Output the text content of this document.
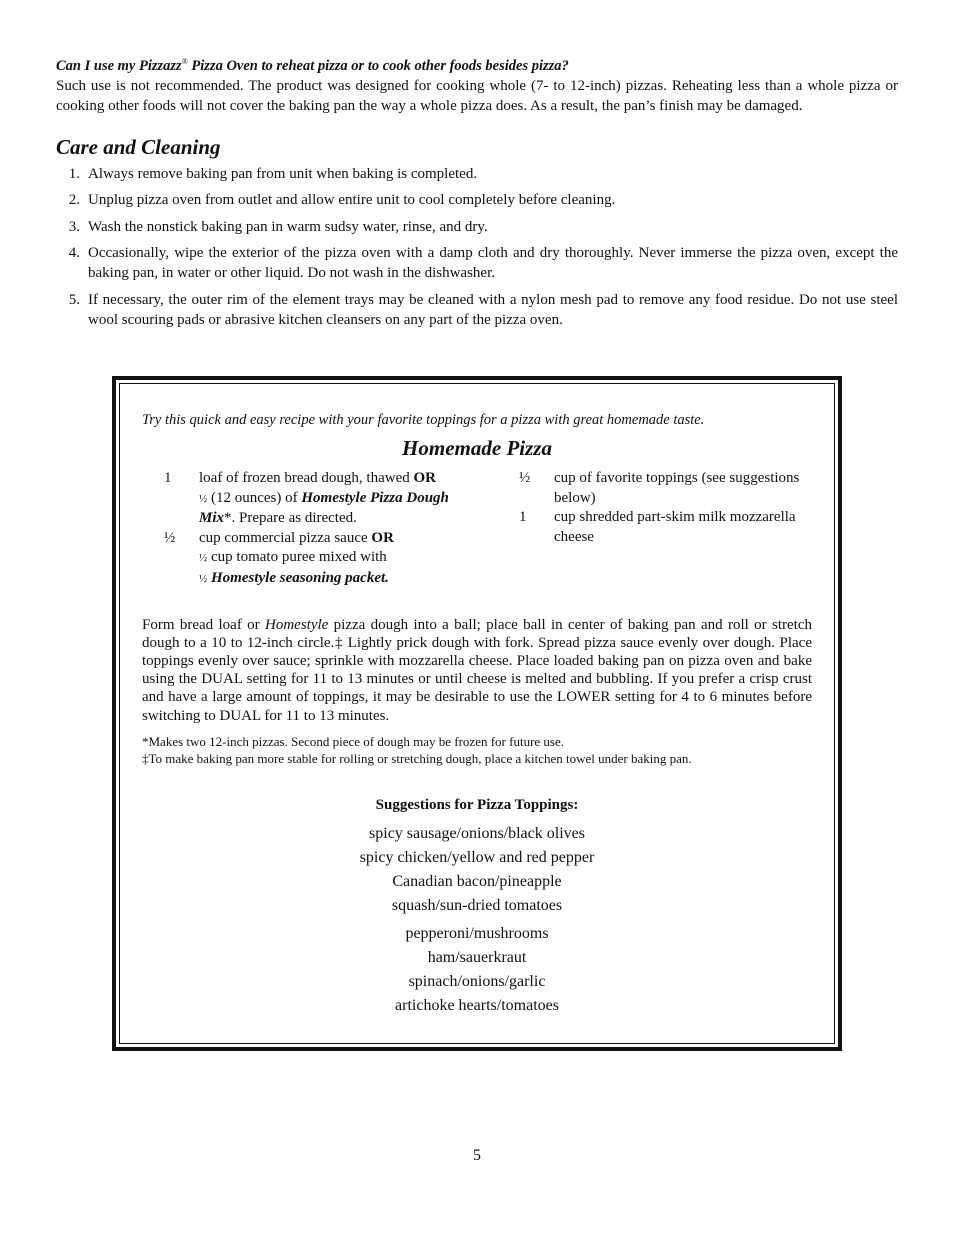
Can I use my Pizzazz® Pizza Oven to reheat pizza or to cook other foods besides pizza?

Such use is not recommended. The product was designed for cooking whole (7- to 12-inch) pizzas. Reheating less than a whole pizza or cooking other foods will not cover the baking pan the way a whole pizza does. As a result, the pan’s finish may be damaged.

Care and Cleaning
1. Always remove baking pan from unit when baking is completed.
2. Unplug pizza oven from outlet and allow entire unit to cool completely before cleaning.
3. Wash the nonstick baking pan in warm sudsy water, rinse, and dry.
4. Occasionally, wipe the exterior of the pizza oven with a damp cloth and dry thoroughly. Never immerse the pizza oven, except the baking pan, in water or other liquid. Do not wash in the dishwasher.
5. If necessary, the outer rim of the element trays may be cleaned with a nylon mesh pad to remove any food residue. Do not use steel wool scouring pads or abrasive kitchen cleansers on any part of the pizza oven.

Try this quick and easy recipe with your favorite toppings for a pizza with great homemade taste.

Homemade Pizza
1	loaf of frozen bread dough, thawed OR
½ (12 ounces) of Homestyle Pizza Dough Mix*. Prepare as directed.
½	cup commercial pizza sauce OR
½ cup tomato puree mixed with
½ Homestyle seasoning packet.
½	cup of favorite toppings (see suggestions below)
1	cup shredded part-skim milk mozzarella cheese

Form bread loaf or Homestyle pizza dough into a ball; place ball in center of baking pan and roll or stretch dough to a 10 to 12-inch circle.‡ Lightly prick dough with fork. Spread pizza sauce evenly over dough. Place toppings evenly over sauce; sprinkle with mozzarella cheese. Place loaded baking pan on pizza oven and bake using the DUAL setting for 11 to 13 minutes or until cheese is melted and bubbling. If you prefer a crisp crust and have a large amount of toppings, it may be desirable to use the LOWER setting for 4 to 6 minutes before switching to DUAL for 11 to 13 minutes.

*Makes two 12-inch pizzas. Second piece of dough may be frozen for future use.

‡To make baking pan more stable for rolling or stretching dough, place a kitchen towel under baking pan.

Suggestions for Pizza Toppings:
spicy sausage/onions/black olives
spicy chicken/yellow and red pepper
Canadian bacon/pineapple
squash/sun-dried tomatoes
pepperoni/mushrooms
ham/sauerkraut
spinach/onions/garlic
artichoke hearts/tomatoes
5
